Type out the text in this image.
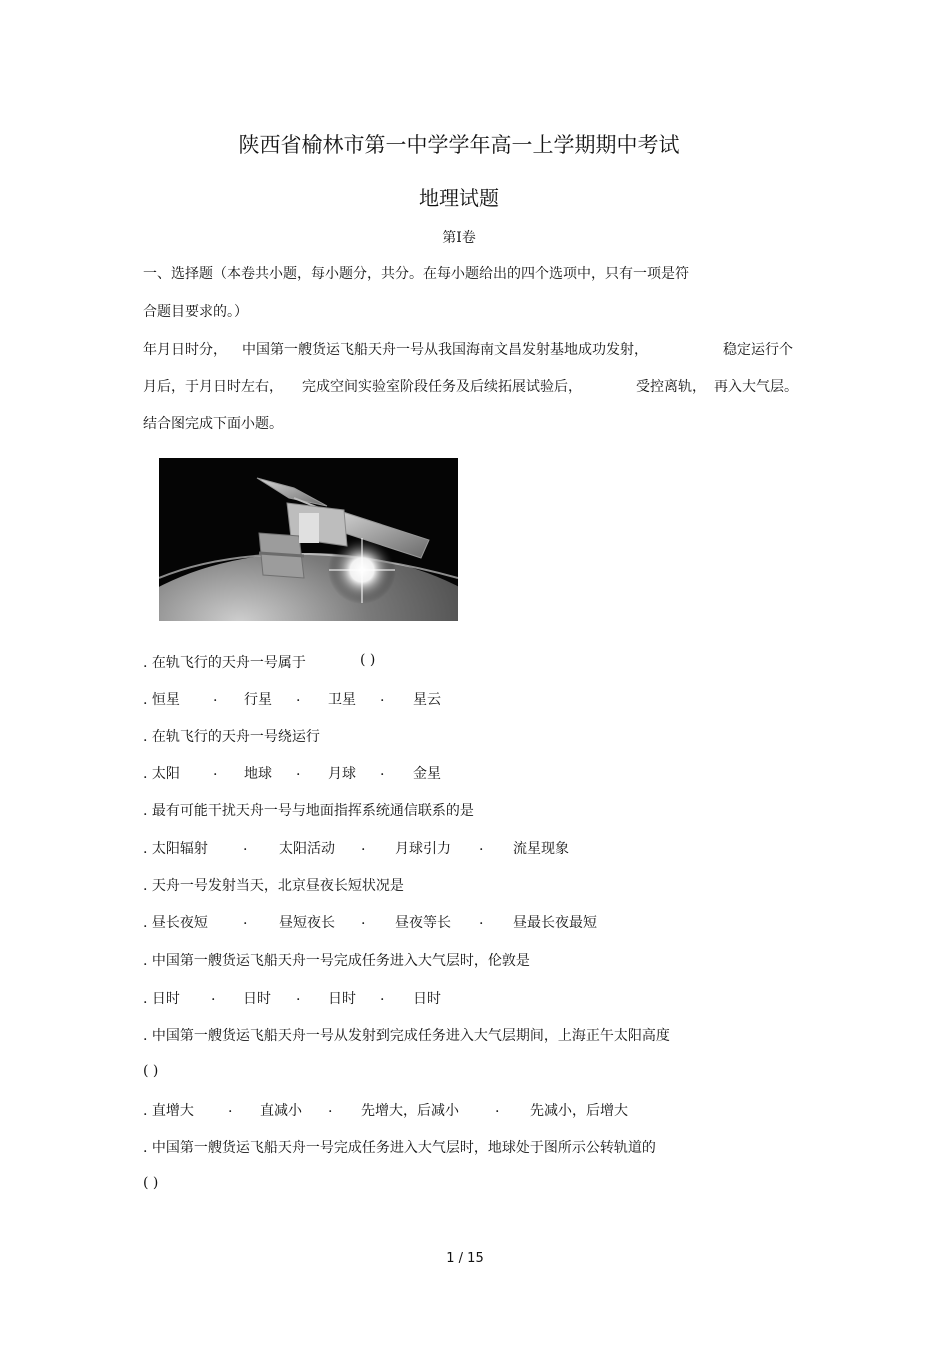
陕西省榆林市第一中学学年高一上学期期中考试
地理试题
第Ⅰ卷
一、选择题（本卷共小题，每小题分，共分。在每小题给出的四个选项中，只有一项是符
合题目要求的。）
年月日时分， 中国第一艘货运飞船天舟一号从我国海南文昌发射基地成功发射，	稳定运行个
月后，于月日时左右， 完成空间实验室阶段任务及后续拓展试验后，	受控离轨， 再入大气层。
结合图完成下面小题。
. 在轨飞行的天舟一号属于	( )
. 恒星 . 行星 . 卫星 . 星云
. 在轨飞行的天舟一号绕运行
. 太阳 . 地球 . 月球 . 金星
. 最有可能干扰天舟一号与地面指挥系统通信联系的是
. 太阳辐射	. 太阳活动 . 月球引力 . 流星现象
. 天舟一号发射当天，北京昼夜长短状况是
. 昼长夜短	. 昼短夜长 . 昼夜等长 . 昼最长夜最短
. 中国第一艘货运飞船天舟一号完成任务进入大气层时，伦敦是
. 日时 . 日时 . 日时 . 日时
. 中国第一艘货运飞船天舟一号从发射到完成任务进入大气层期间，上海正午太阳高度
( )
. 直增大 . 直减小 . 先增大，后减小	. 先减小，后增大
. 中国第一艘货运飞船天舟一号完成任务进入大气层时，地球处于图所示公转轨道的
( )
1 / 15
